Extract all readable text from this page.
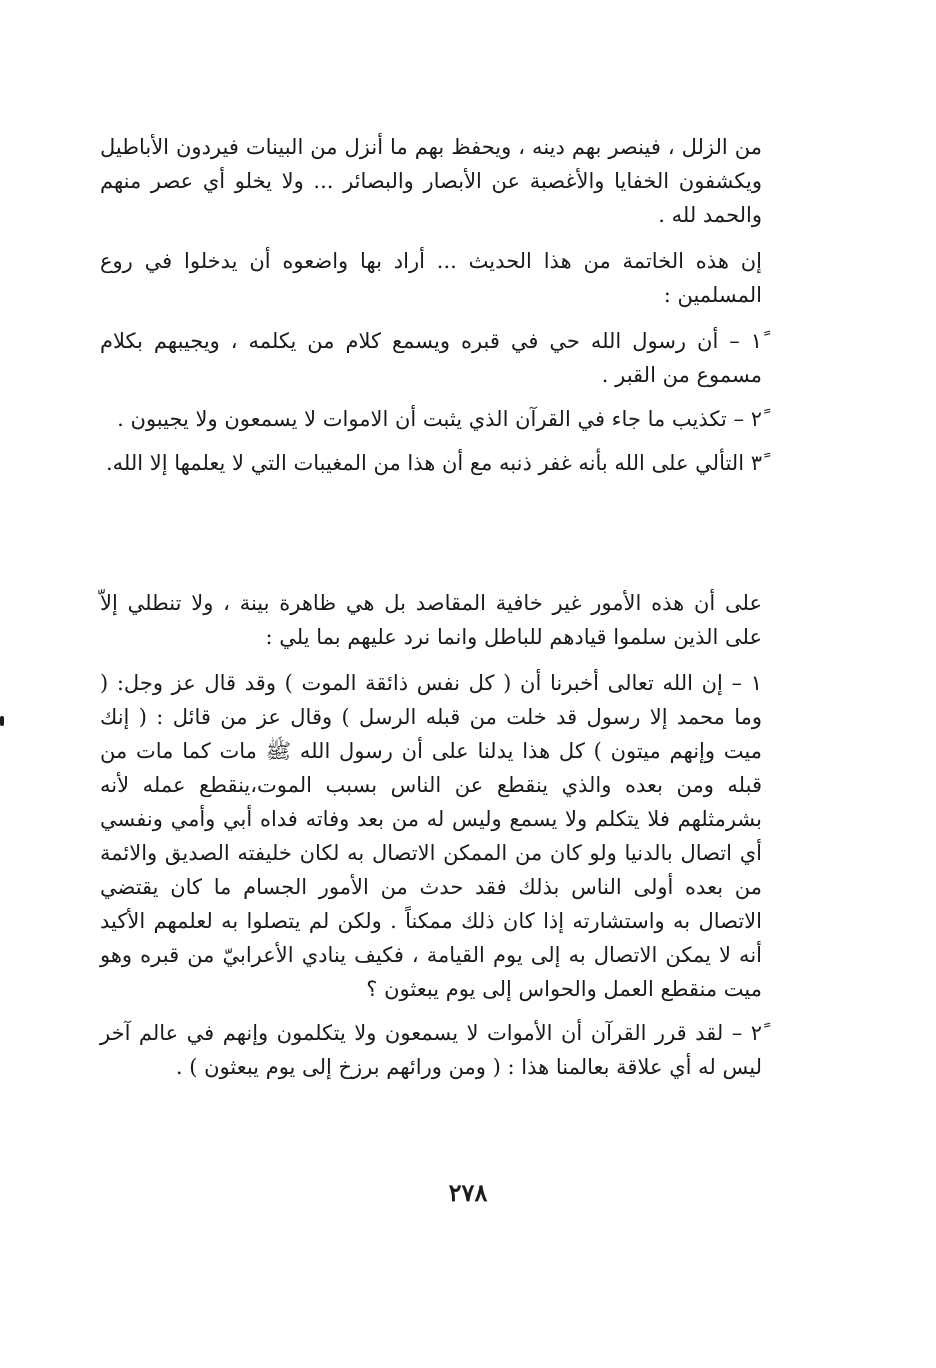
من الزلل ، فينصر بهم دينه ، ويحفظ بهم ما أنزل من البينات فيردون الأباطيل ويكشفون الخفايا والأغصبة عن الأبصار والبصائر ... ولا يخلو أي عصر منهم والحمد لله .

إن هذه الخاتمة من هذا الحديث ... أراد بها واضعوه أن يدخلوا في روع المسلمين :

١ً – أن رسول الله حي في قبره ويسمع كلام من يكلمه ، ويجيبهم بكلام مسموع من القبر .

٢ً – تكذيب ما جاء في القرآن الذي يثبت أن الاموات لا يسمعون ولا يجيبون .

٣ً التألي على الله بأنه غفر ذنبه مع أن هذا من المغيبات التي لا يعلمها إلا الله.

على أن هذه الأمور غير خافية المقاصد بل هي ظاهرة بينة ، ولا تنطلي إلاّ على الذين سلموا قيادهم للباطل وانما نرد عليهم بما يلي :

١ – إن الله تعالى أخبرنا أن ( كل نفس ذائقة الموت ) وقد قال عز وجل: ( وما محمد إلا رسول قد خلت من قبله الرسل ) وقال عز من قائل : ( إنك ميت وإنهم ميتون ) كل هذا يدلنا على أن رسول الله ﷺ مات كما مات من قبله ومن بعده والذي ينقطع عن الناس بسبب الموت،ينقطع عمله لأنه بشرمثلهم فلا يتكلم ولا يسمع وليس له من بعد وفاته فداه أبي وأمي ونفسي أي اتصال بالدنيا ولو كان من الممكن الاتصال به لكان خليفته الصديق والائمة من بعده أولى الناس بذلك فقد حدث من الأمور الجسام ما كان يقتضي الاتصال به واستشارته إذا كان ذلك ممكناً . ولكن لم يتصلوا به لعلمهم الأكيد أنه لا يمكن الاتصال به إلى يوم القيامة ، فكيف ينادي الأعرابيّ من قبره وهو ميت منقطع العمل والحواس إلى يوم يبعثون ؟

٢ً – لقد قرر القرآن أن الأموات لا يسمعون ولا يتكلمون وإنهم في عالم آخر ليس له أي علاقة بعالمنا هذا : ( ومن ورائهم برزخ إلى يوم يبعثون ) .

٢٧٨
